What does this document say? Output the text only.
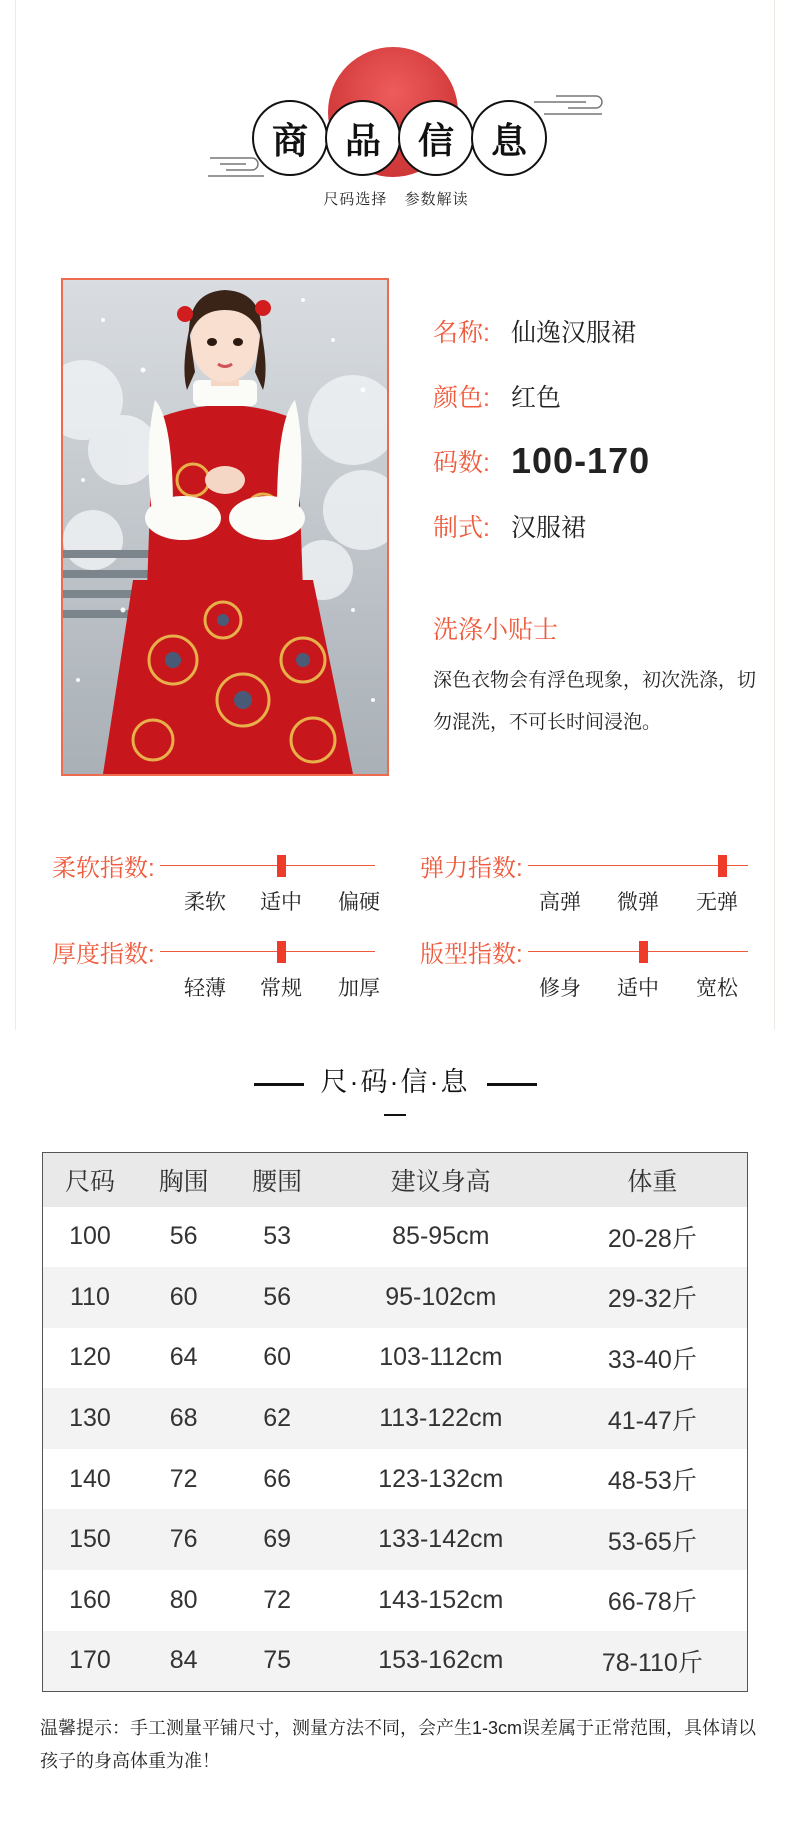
商	品	信	息
尺码选择 参数解读
名称: 仙逸汉服裙
颜色: 红色
码数: 100-170
制式: 汉服裙
洗涤小贴士
深色衣物会有浮色现象，初次洗涤，切勿混洗，不可长时间浸泡。
柔软指数:
柔软 适中 偏硬
弹力指数:
高弹 微弹 无弹
厚度指数:
轻薄 常规 加厚
版型指数:
修身 适中 宽松
尺·码·信·息
尺码	胸围	腰围	建议身高	体重
100	56	53	85-95cm	20-28斤
110	60	56	95-102cm	29-32斤
120	64	60	103-112cm	33-40斤
130	68	62	113-122cm	41-47斤
140	72	66	123-132cm	48-53斤
150	76	69	133-142cm	53-65斤
160	80	72	143-152cm	66-78斤
170	84	75	153-162cm	78-110斤
温馨提示：手工测量平铺尺寸，测量方法不同，会产生1-3cm误差属于正常范围，具体请以孩子的身高体重为准！
